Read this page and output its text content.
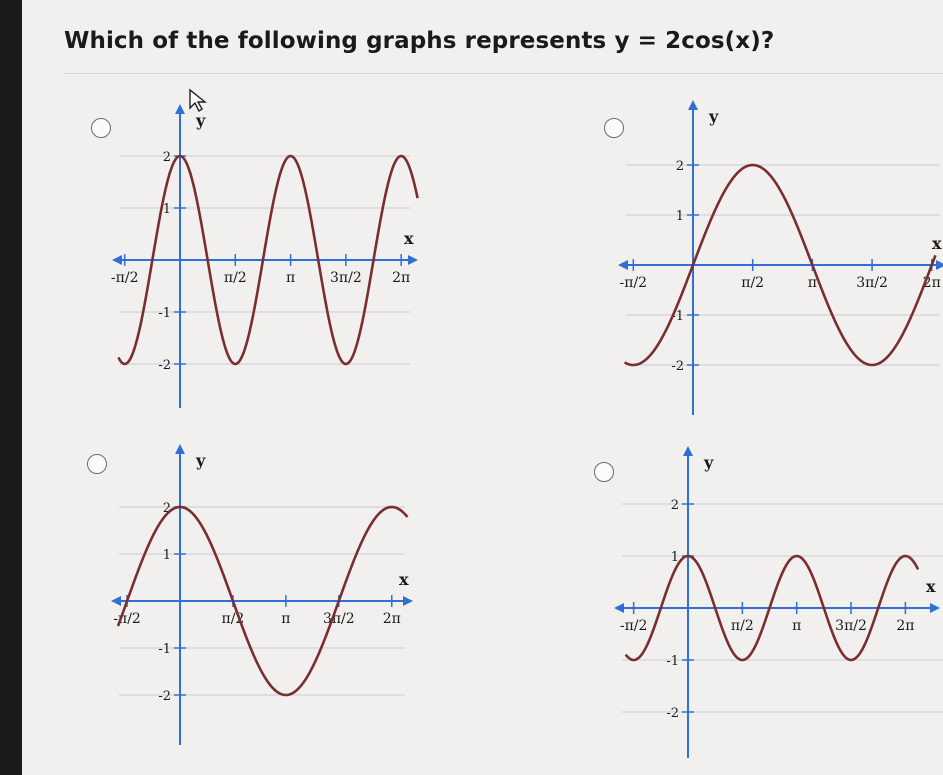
Which of the following graphs represents y = 2cos(x)?
y
x
-π/2	π/2	π 3π/2 2π
2
1
-1
-2
y
x
-π/2	π/2	π	3π/2 2π
2
1
-1
-2
y
x
-π/2	π/2	π 3π/2 2π
2
1
-1
-2
y
x
-π/2	π/2	π 3π/2 2π
2
1
-1
-2
